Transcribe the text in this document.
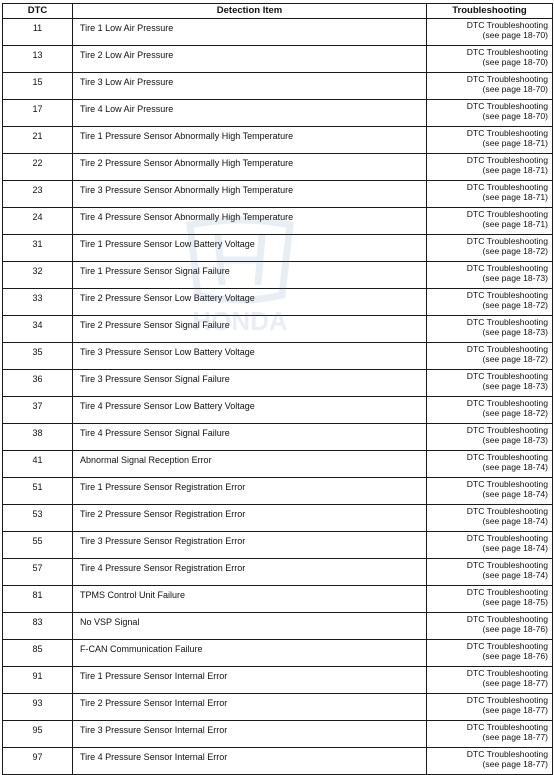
DTC	Detection Item	Troubleshooting
11	Tire 1 Low Air Pressure	DTC Troubleshooting
(see page 18-70)

13	Tire 2 Low Air Pressure	DTC Troubleshooting
(see page 18-70)

15	Tire 3 Low Air Pressure	DTC Troubleshooting
(see page 18-70)

17	Tire 4 Low Air Pressure	DTC Troubleshooting
(see page 18-70)

21	Tire 1 Pressure Sensor Abnormally High Temperature	DTC Troubleshooting
(see page 18-71)

22	Tire 2 Pressure Sensor Abnormally High Temperature	DTC Troubleshooting
(see page 18-71)

23	Tire 3 Pressure Sensor Abnormally High Temperature	DTC Troubleshooting
(see page 18-71)

24	Tire 4 Pressure Sensor Abnormally High Temperature	DTC Troubleshooting
(see page 18-71)

31	Tire 1 Pressure Sensor Low Battery Voltage	DTC Troubleshooting
(see page 18-72)

32	Tire 1 Pressure Sensor Signal Failure	DTC Troubleshooting
(see page 18-73)

33	Tire 2 Pressure Sensor Low Battery Voltage	DTC Troubleshooting
(see page 18-72)

34	Tire 2 Pressure Sensor Signal Failure	DTC Troubleshooting
(see page 18-73)

35	Tire 3 Pressure Sensor Low Battery Voltage	DTC Troubleshooting
(see page 18-72)

36	Tire 3 Pressure Sensor Signal Failure	DTC Troubleshooting
(see page 18-73)

37	Tire 4 Pressure Sensor Low Battery Voltage	DTC Troubleshooting
(see page 18-72)

38	Tire 4 Pressure Sensor Signal Failure	DTC Troubleshooting
(see page 18-73)

41	Abnormal Signal Reception Error	DTC Troubleshooting
(see page 18-74)

51	Tire 1 Pressure Sensor Registration Error	DTC Troubleshooting
(see page 18-74)

53	Tire 2 Pressure Sensor Registration Error	DTC Troubleshooting
(see page 18-74)

55	Tire 3 Pressure Sensor Registration Error	DTC Troubleshooting
(see page 18-74)

57	Tire 4 Pressure Sensor Registration Error	DTC Troubleshooting
(see page 18-74)

81	TPMS Control Unit Failure	DTC Troubleshooting
(see page 18-75)

83	No VSP Signal	DTC Troubleshooting
(see page 18-76)

85	F-CAN Communication Failure	DTC Troubleshooting
(see page 18-76)

91	Tire 1 Pressure Sensor Internal Error	DTC Troubleshooting
(see page 18-77)

93	Tire 2 Pressure Sensor Internal Error	DTC Troubleshooting
(see page 18-77)

95	Tire 3 Pressure Sensor Internal Error	DTC Troubleshooting
(see page 18-77)

97	Tire 4 Pressure Sensor Internal Error	DTC Troubleshooting
(see page 18-77)
HONDA
